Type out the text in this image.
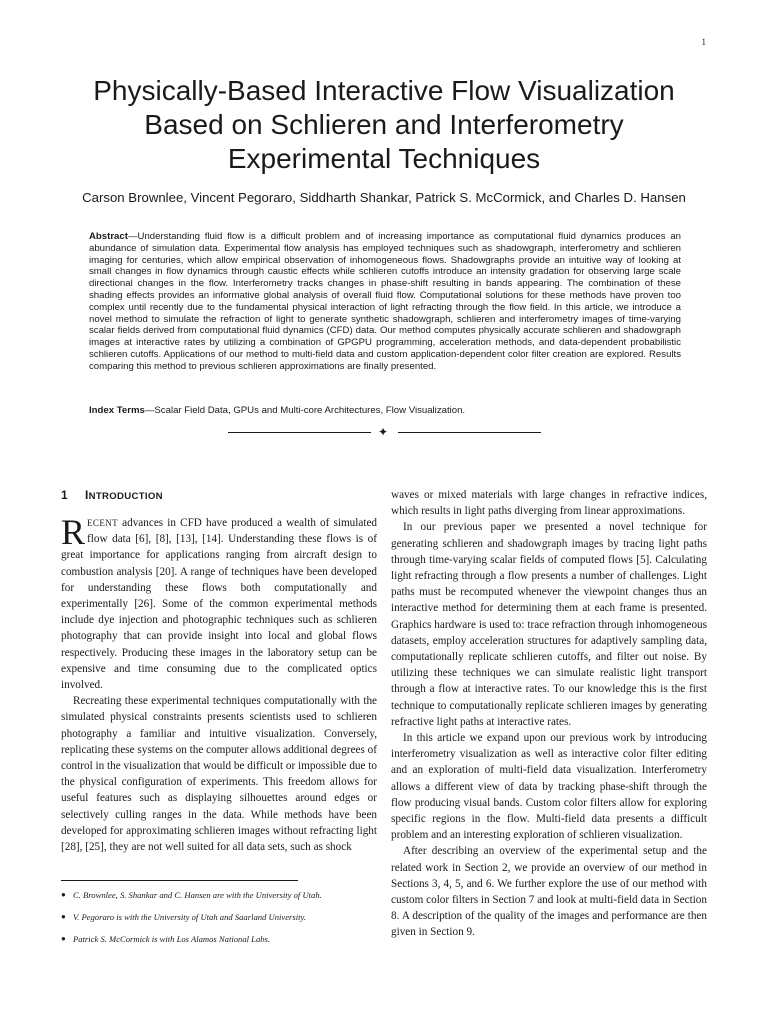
1
Physically-Based Interactive Flow Visualization
Based on Schlieren and Interferometry
Experimental Techniques

Carson Brownlee, Vincent Pegoraro, Siddharth Shankar, Patrick S. McCormick, and Charles D. Hansen

Abstract—Understanding fluid flow is a difficult problem and of increasing importance as computational fluid dynamics produces an abundance of simulation data. Experimental flow analysis has employed techniques such as shadowgraph, interferometry and schlieren imaging for centuries, which allow empirical observation of inhomogeneous flows. Shadowgraphs provide an intuitive way of looking at small changes in flow dynamics through caustic effects while schlieren cutoffs introduce an intensity gradation for observing large scale directional changes in the flow. Interferometry tracks changes in phase-shift resulting in bands appearing. The combination of these shading effects provides an informative global analysis of overall fluid flow. Computational solutions for these methods have proven too complex until recently due to the fundamental physical interaction of light refracting through the flow field. In this article, we introduce a novel method to simulate the refraction of light to generate synthetic shadowgraph, schlieren and interferometry images of time-varying scalar fields derived from computational fluid dynamics (CFD) data. Our method computes physically accurate schlieren and shadowgraph images at interactive rates by utilizing a combination of GPGPU programming, acceleration methods, and data-dependent probabilistic schlieren cutoffs. Applications of our method to multi-field data and custom application-dependent color filter creation are explored. Results comparing this method to previous schlieren approximations are finally presented.

Index Terms—Scalar Field Data, GPUs and Multi-core Architectures, Flow Visualization.

✦
1 INTRODUCTION

RECENT advances in CFD have produced a wealth of simulated flow data [6], [8], [13], [14]. Understanding these flows is of great importance for applications ranging from aircraft design to combustion analysis [20]. A range of techniques have been developed for understanding these flows both computationally and experimentally [26]. Some of the common experimental methods include dye injection and photographic techniques such as schlieren photography that can provide insight into local and global flows respectively. Producing these images in the laboratory setup can be expensive and time consuming due to the complicated optics involved.

Recreating these experimental techniques computationally with the simulated physical constraints presents scientists used to schlieren photography a familiar and intuitive visualization. Conversely, replicating these systems on the computer allows additional degrees of control in the visualization that would be difficult or impossible due to the physical configuration of experiments. This freedom allows for useful features such as displaying silhouettes around edges or selectively culling ranges in the data. While methods have been developed for approximating schlieren images without refracting light [28], [25], they are not well suited for all data sets, such as shock

waves or mixed materials with large changes in refractive indices, which results in light paths diverging from linear approximations.

In our previous paper we presented a novel technique for generating schlieren and shadowgraph images by tracing light paths through time-varying scalar fields of computed flows [5]. Calculating light refracting through a flow presents a number of challenges. Light paths must be recomputed whenever the viewpoint changes thus an interactive method for determining them at each frame is presented. Graphics hardware is used to: trace refraction through inhomogeneous datasets, employ acceleration structures for adaptively sampling data, computationally replicate schlieren cutoffs, and filter out noise. By utilizing these techniques we can simulate realistic light transport through a flow at interactive rates. To our knowledge this is the first technique to computationally replicate schlieren images by generating refractive light paths at interactive rates.

In this article we expand upon our previous work by introducing interferometry visualization as well as interactive color filter editing and an exploration of multi-field data visualization. Interferometry allows a different view of data by tracking phase-shift through the flow producing visual bands. Custom color filters allow for exploring specific regions in the flow. Multi-field data presents a difficult problem and an interesting exploration of schlieren visualization.

After describing an overview of the experimental setup and the related work in Section 2, we provide an overview of our method in Sections 3, 4, 5, and 6. We further explore the use of our method with custom color filters in Section 7 and look at multi-field data in Section 8. A description of the quality of the images and performance are then given in Section 9.

● C. Brownlee, S. Shankar and C. Hansen are with the University of Utah.
● V. Pegoraro is with the University of Utah and Saarland University.
● Patrick S. McCormick is with Los Alamos National Labs.
